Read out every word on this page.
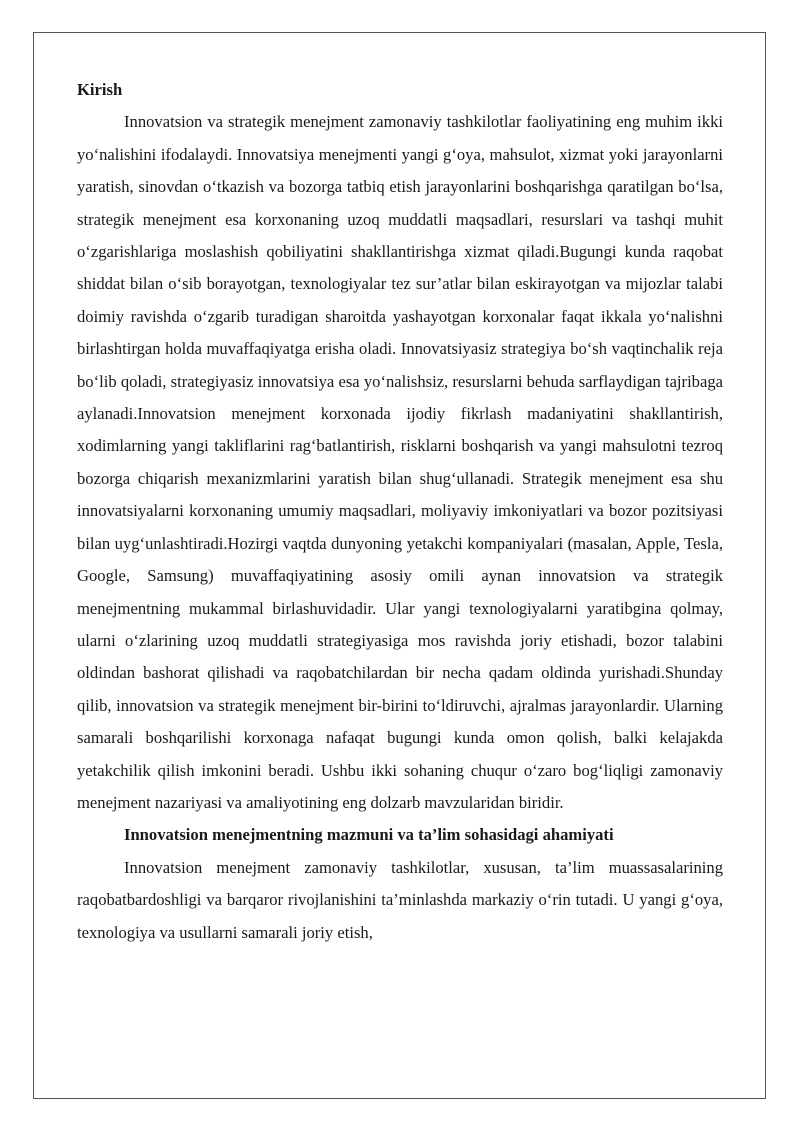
Kirish

Innovatsion va strategik menejment zamonaviy tashkilotlar faoliyatining eng muhim ikki yo‘nalishini ifodalaydi. Innovatsiya menejmenti yangi g‘oya, mahsulot, xizmat yoki jarayonlarni yaratish, sinovdan o‘tkazish va bozorga tatbiq etish jarayonlarini boshqarishga qaratilgan bo‘lsa, strategik menejment esa korxonaning uzoq muddatli maqsadlari, resurslari va tashqi muhit o‘zgarishlariga moslashish qobiliyatini shakllantirishga xizmat qiladi.Bugungi kunda raqobat shiddat bilan o‘sib borayotgan, texnologiyalar tez sur’atlar bilan eskirayotgan va mijozlar talabi doimiy ravishda o‘zgarib turadigan sharoitda yashayotgan korxonalar faqat ikkala yo‘nalishni birlashtirgan holda muvaffaqiyatga erisha oladi. Innovatsiyasiz strategiya bo‘sh vaqtinchalik reja bo‘lib qoladi, strategiyasiz innovatsiya esa yo‘nalishsiz, resurslarni behuda sarflaydigan tajribaga aylanadi.Innovatsion menejment korxonada ijodiy fikrlash madaniyatini shakllantirish, xodimlarning yangi takliflarini rag‘batlantirish, risklarni boshqarish va yangi mahsulotni tezroq bozorga chiqarish mexanizmlarini yaratish bilan shug‘ullanadi. Strategik menejment esa shu innovatsiyalarni korxonaning umumiy maqsadlari, moliyaviy imkoniyatlari va bozor pozitsiyasi bilan uyg‘unlashtiradi.Hozirgi vaqtda dunyoning yetakchi kompaniyalari (masalan, Apple, Tesla, Google, Samsung) muvaffaqiyatining asosiy omili aynan innovatsion va strategik menejmentning mukammal birlashuvidadir. Ular yangi texnologiyalarni yaratibgina qolmay, ularni o‘zlarining uzoq muddatli strategiyasiga mos ravishda joriy etishadi, bozor talabini oldindan bashorat qilishadi va raqobatchilardan bir necha qadam oldinda yurishadi.Shunday qilib, innovatsion va strategik menejment bir-birini to‘ldiruvchi, ajralmas jarayonlardir. Ularning samarali boshqarilishi korxonaga nafaqat bugungi kunda omon qolish, balki kelajakda yetakchilik qilish imkonini beradi. Ushbu ikki sohaning chuqur o‘zaro bog‘liqligi zamonaviy menejment nazariyasi va amaliyotining eng dolzarb mavzularidan biridir.

Innovatsion menejmentning mazmuni va ta’lim sohasidagi ahamiyati

Innovatsion menejment zamonaviy tashkilotlar, xususan, ta’lim muassasalarining raqobatbardoshligi va barqaror rivojlanishini ta’minlashda markaziy o‘rin tutadi. U yangi g‘oya, texnologiya va usullarni samarali joriy etish,
